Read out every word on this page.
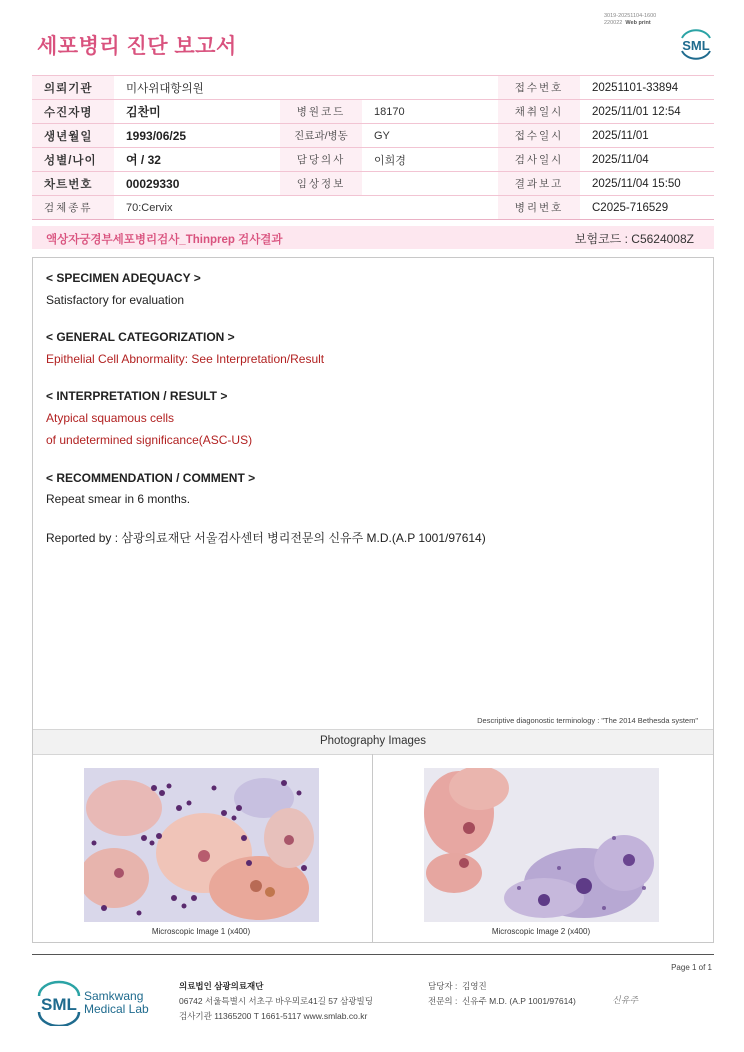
3019-20251104-1600
220022 Web print
세포병리 진단 보고서	SML
의뢰기관	미사위대항의원			접수번호	20251101-33894
수진자명	김찬미	병원코드	18170	채취일시	2025/11/01 12:54
생년월일	1993/06/25	진료과/병동	GY	접수일시	2025/11/01
성별/나이	여 / 32	담당의사	이희경	검사일시	2025/11/04
차트번호	00029330	임상정보		결과보고	2025/11/04 15:50
검체종류	70:Cervix			병리번호	C2025-716529
액상자궁경부세포병리검사_Thinprep 검사결과	보험코드 : C5624008Z
< SPECIMEN ADEQUACY >
Satisfactory for evaluation
< GENERAL CATEGORIZATION >
Epithelial Cell Abnormality: See Interpretation/Result
< INTERPRETATION / RESULT >
Atypical squamous cells
of undetermined significance(ASC-US)
< RECOMMENDATION / COMMENT >
Repeat smear in 6 months.
Reported by : 삼광의료재단 서울검사센터 병리전문의 신유주 M.D.(A.P 1001/97614)
Descriptive diagonostic terminology : "The 2014 Bethesda system"
Photography Images
Microscopic Image 1 (x400)	Microscopic Image 2 (x400)
Page 1 of 1
SML Samkwang
Medical Lab
의료법인 삼광의료재단
06742 서울특별시 서초구 바우뫼로41길 57 삼광빌딩
검사기관 11365200 T 1661-5117 www.smlab.co.kr
담당자 : 김영진
전문의 : 신유주 M.D. (A.P 1001/97614)	신유주
